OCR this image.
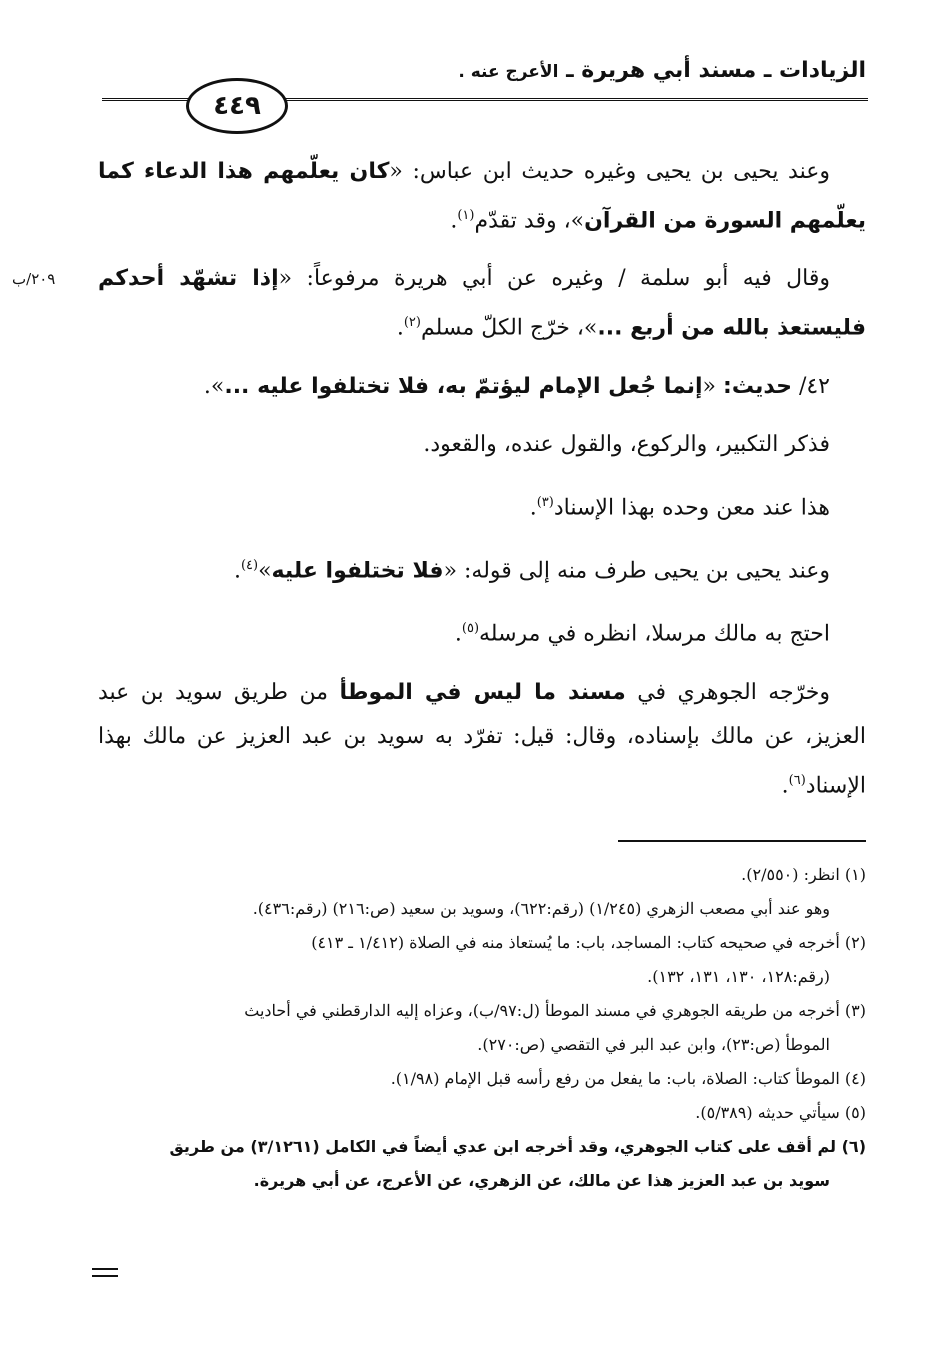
الزيادات ـ مسند أبي هريرة ـ الأعرج عنه .
٤٤٩
٢٠٩/ب

وعند يحيى بن يحيى وغيره حديث ابن عباس: «كان يعلّمهم هذا الدعاء كما يعلّمهم السورة من القرآن»، وقد تقدّم$^{(١)}$.

وقال فيه أبو سلمة / وغيره عن أبي هريرة مرفوعاً: «إذا تشهّد أحدكم فليستعذ بالله من أربع ...»، خرّج الكلّ مسلم$^{(٢)}$.

٤٢/ حديث: «إنما جُعل الإمام ليؤتمّ به، فلا تختلفوا عليه ...».

فذكر التكبير، والركوع، والقول عنده، والقعود.

هذا عند معن وحده بهذا الإسناد$^{(٣)}$.

وعند يحيى بن يحيى طرف منه إلى قوله: «فلا تختلفوا عليه»$^{(٤)}$.

احتج به مالك مرسلا، انظره في مرسله$^{(٥)}$.

وخرّجه الجوهري في مسند ما ليس في الموطأ من طريق سويد بن عبد العزيز، عن مالك بإسناده، وقال: قيل: تفرّد به سويد بن عبد العزيز عن مالك بهذا الإسناد$^{(٦)}$.

(١) انظر: (٢/٥٥٠).
وهو عند أبي مصعب الزهري (١/٢٤٥) (رقم:٦٢٢)، وسويد بن سعيد (ص:٢١٦) (رقم:٤٣٦).
(٢) أخرجه في صحيحه كتاب: المساجد، باب: ما يُستعاذ منه في الصلاة (١/٤١٢ ـ ٤١٣)
(رقم:١٢٨، ١٣٠، ١٣١، ١٣٢).
(٣) أخرجه من طريقه الجوهري في مسند الموطأ (ل:٩٧/ب)، وعزاه إليه الدارقطني في أحاديث
الموطأ (ص:٢٣)، وابن عبد البر في التقصي (ص:٢٧٠).
(٤) الموطأ كتاب: الصلاة، باب: ما يفعل من رفع رأسه قبل الإمام (١/٩٨).
(٥) سيأتي حديثه (٥/٣٨٩).
(٦) لم أقف على كتاب الجوهري، وقد أخرجه ابن عدي أيضاً في الكامل (٣/١٢٦١) من طريق
سويد بن عبد العزيز هذا عن مالك، عن الزهري، عن الأعرج، عن أبي هريرة.
